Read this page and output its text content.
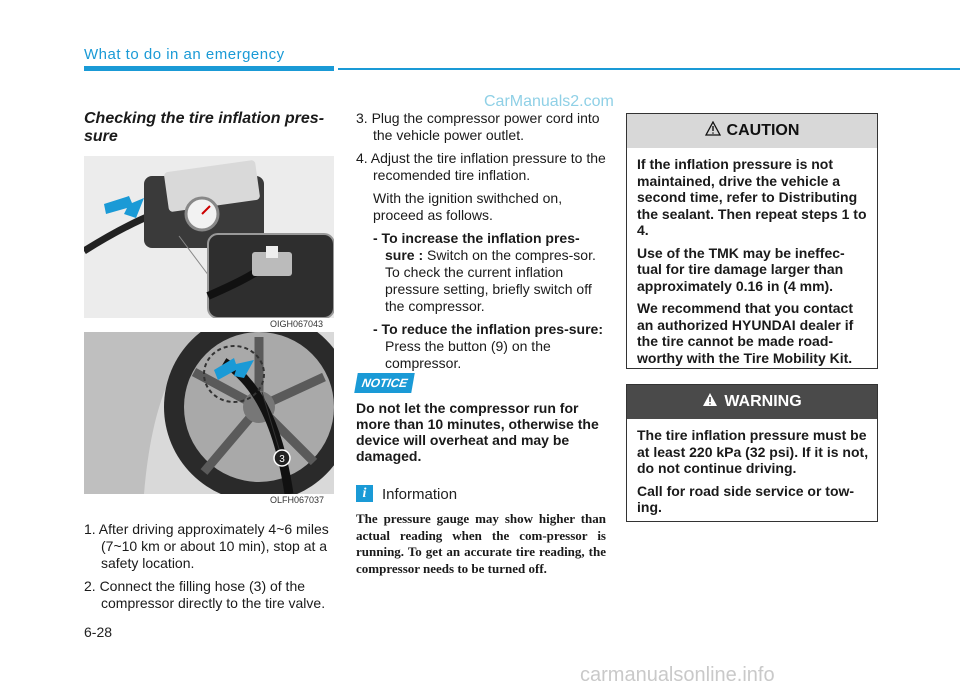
What to do in an emergency
CarManuals2.com
Checking the tire inflation pres-sure
OIGH067043
3
OLFH067037
1. After driving approximately 4~6 miles (7~10 km or about 10 min), stop at a safety location.
2. Connect the filling hose (3) of the compressor directly to the tire valve.

3. Plug the compressor power cord into the vehicle power outlet.

4. Adjust the tire inflation pressure to the recomended tire inflation.

With the ignition swithched on, proceed as follows.

- To increase the inflation pres-sure : Switch on the compres-sor. To check the current inflation pressure setting, briefly switch off the compressor.

- To reduce the inflation pres-sure: Press the button (9) on the compressor.

NOTICE
Do not let the compressor run for more than 10 minutes, otherwise the device will overheat and may be damaged.
i	Information
The pressure gauge may show higher than actual reading when the com-pressor is running. To get an accurate tire reading, the compressor needs to be turned off.
CAUTION

If the inflation pressure is not maintained, drive the vehicle a second time, refer to Distributing the sealant. Then repeat steps 1 to 4.

Use of the TMK may be ineffec-tual for tire damage larger than approximately 0.16 in (4 mm).

We recommend that you contact an authorized HYUNDAI dealer if the tire cannot be made road-worthy with the Tire Mobility Kit.

WARNING

The tire inflation pressure must be at least 220 kPa (32 psi). If it is not, do not continue driving.

Call for road side service or tow-ing.

6-28
carmanualsonline.info
